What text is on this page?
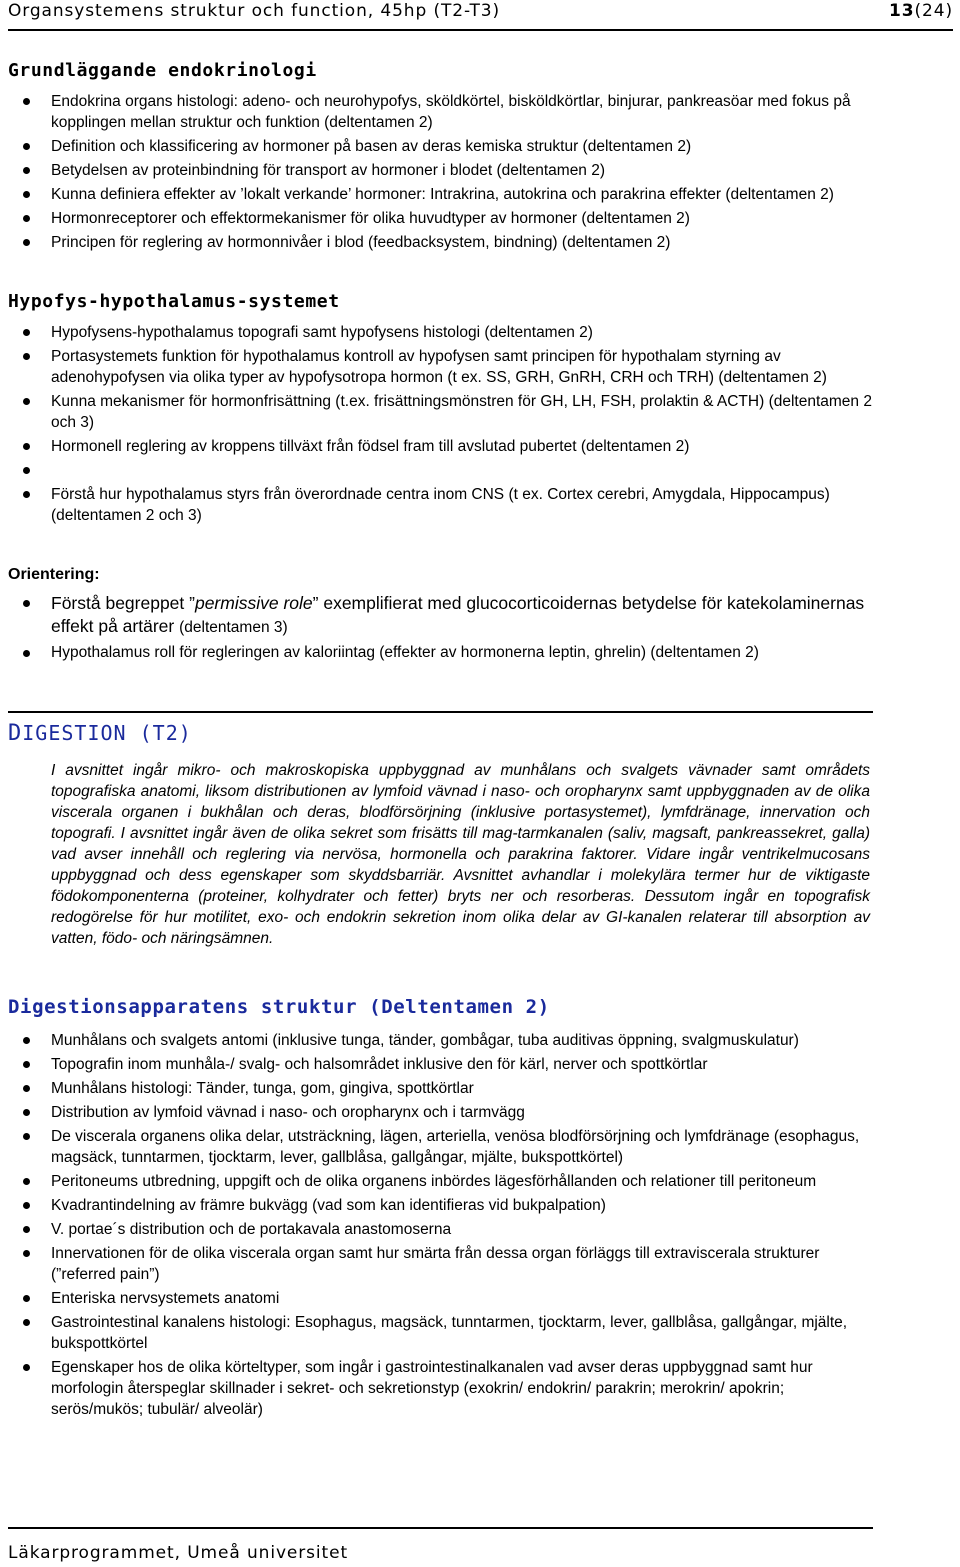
Organsystemens struktur och function, 45hp (T2-T3)	13(24)
Grundläggande endokrinologi
Endokrina organs histologi: adeno- och neurohypofys, sköldkörtel, bisköldkörtlar, binjurar, pankreasöar med fokus på kopplingen mellan struktur och funktion (deltentamen 2)
Definition och klassificering av hormoner på basen av deras kemiska struktur (deltentamen 2)
Betydelsen av proteinbindning för transport av hormoner i blodet (deltentamen 2)
Kunna definiera effekter av ’lokalt verkande’ hormoner: Intrakrina, autokrina och parakrina effekter (deltentamen 2)
Hormonreceptorer och effektormekanismer för olika huvudtyper av hormoner (deltentamen 2)
Principen för reglering av hormonnivåer i blod (feedbacksystem, bindning) (deltentamen 2)
Hypofys-hypothalamus-systemet
Hypofysens-hypothalamus topografi samt hypofysens histologi (deltentamen 2)
Portasystemets funktion för hypothalamus kontroll av hypofysen samt principen för hypothalam styrning av adenohypofysen via olika typer av hypofysotropa hormon (t ex. SS, GRH, GnRH, CRH och TRH) (deltentamen 2)
Kunna mekanismer för hormonfrisättning (t.ex. frisättningsmönstren för GH, LH, FSH, prolaktin & ACTH) (deltentamen 2 och 3)
Hormonell reglering av kroppens tillväxt från födsel fram till avslutad pubertet (deltentamen 2)
Förstå hur hypothalamus styrs från överordnade centra inom CNS (t ex. Cortex cerebri, Amygdala, Hippocampus) (deltentamen 2 och 3)
Orientering:
Förstå begreppet ”permissive role” exemplifierat med glucocorticoidernas betydelse för katekolaminernas effekt på artärer (deltentamen 3)
Hypothalamus roll för regleringen av kaloriintag (effekter av hormonerna leptin, ghrelin) (deltentamen 2)
DIGESTION (T2)

I avsnittet ingår mikro- och makroskopiska uppbyggnad av munhålans och svalgets vävnader samt områdets topografiska anatomi, liksom distributionen av lymfoid vävnad i naso- och oropharynx samt uppbyggnaden av de olika viscerala organen i bukhålan och deras, blodförsörjning (inklusive portasystemet), lymfdränage, innervation och topografi. I avsnittet ingår även de olika sekret som frisätts till mag-tarmkanalen (saliv, magsaft, pankreassekret, galla) vad avser innehåll och reglering via nervösa, hormonella och parakrina faktorer. Vidare ingår ventrikelmucosans uppbyggnad och dess egenskaper som skyddsbarriär. Avsnittet avhandlar i molekylära termer hur de viktigaste födokomponenterna (proteiner, kolhydrater och fetter) bryts ner och resorberas. Dessutom ingår en topografisk redogörelse för hur motilitet, exo- och endokrin sekretion inom olika delar av GI-kanalen relaterar till absorption av vatten, födo- och näringsämnen.

Digestionsapparatens struktur (Deltentamen 2)
Munhålans och svalgets antomi (inklusive tunga, tänder, gombågar, tuba auditivas öppning, svalgmuskulatur)
Topografin inom munhåla-/ svalg- och halsområdet inklusive den för kärl, nerver och spottkörtlar
Munhålans histologi: Tänder, tunga, gom, gingiva, spottkörtlar
Distribution av lymfoid vävnad i naso- och oropharynx och i tarmvägg
De viscerala organens olika delar, utsträckning, lägen, arteriella, venösa blodförsörjning och lymfdränage (esophagus, magsäck, tunntarmen, tjocktarm, lever, gallblåsa, gallgångar, mjälte, bukspottkörtel)
Peritoneums utbredning, uppgift och de olika organens inbördes lägesförhållanden och relationer till peritoneum
Kvadrantindelning av främre bukvägg (vad som kan identifieras vid bukpalpation)
V. portae´s distribution och de portakavala anastomoserna
Innervationen för de olika viscerala organ samt hur smärta från dessa organ förläggs till extraviscerala strukturer (”referred pain”)
Enteriska nervsystemets anatomi
Gastrointestinal kanalens histologi: Esophagus, magsäck, tunntarmen, tjocktarm, lever, gallblåsa, gallgångar, mjälte, bukspottkörtel
Egenskaper hos de olika körteltyper, som ingår i gastrointestinalkanalen vad avser deras uppbyggnad samt hur morfologin återspeglar skillnader i sekret- och sekretionstyp (exokrin/ endokrin/ parakrin; merokrin/ apokrin; serös/mukös; tubulär/ alveolär)
Läkarprogrammet, Umeå universitet
